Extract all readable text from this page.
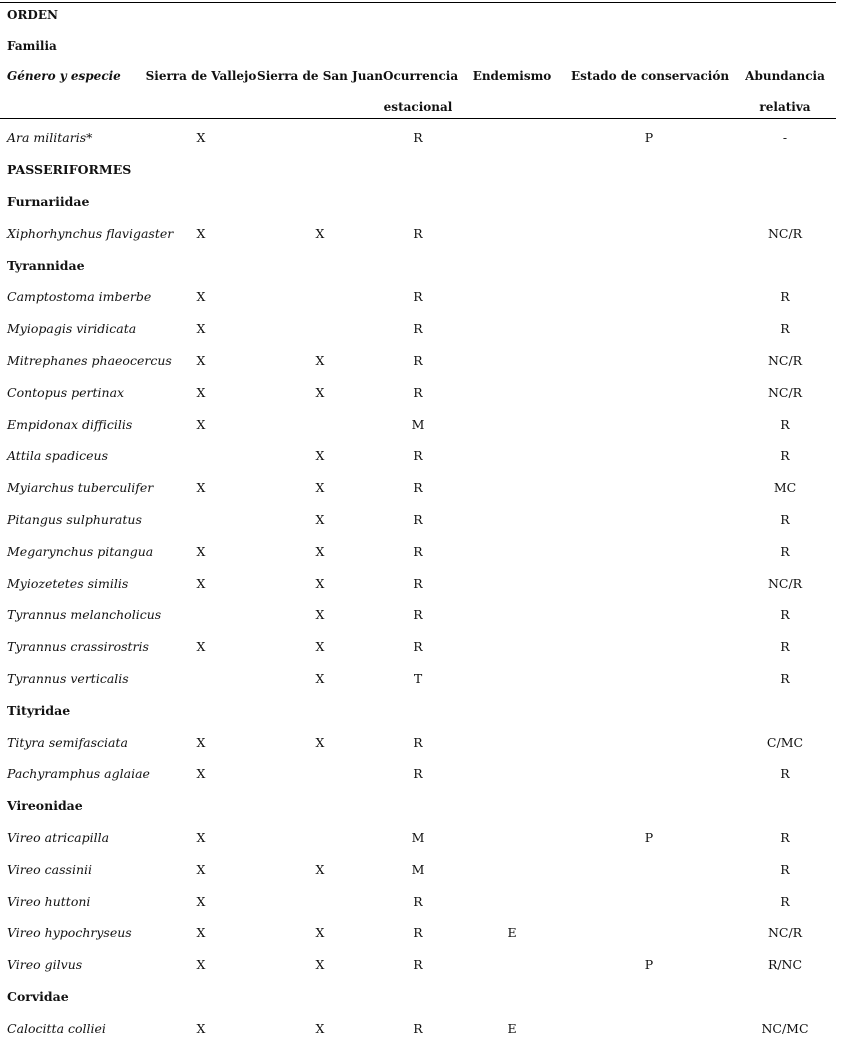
ORDEN						
Familia						
Género y especie	Sierra de Vallejo	Sierra de San Juan	Ocurrencia	Endemismo	Estado de conservación	Abundancia
			estacional			relativa
Ara militaris*	X		R		P	-
PASSERIFORMES						
Furnariidae						
Xiphorhynchus flavigaster	X	X	R			NC/R
Tyrannidae						
Camptostoma imberbe	X		R			R
Myiopagis viridicata	X		R			R
Mitrephanes phaeocercus	X	X	R			NC/R
Contopus pertinax	X	X	R			NC/R
Empidonax difficilis	X		M			R
Attila spadiceus		X	R			R
Myiarchus tuberculifer	X	X	R			MC
Pitangus sulphuratus		X	R			R
Megarynchus pitangua	X	X	R			R
Myiozetetes similis	X	X	R			NC/R
Tyrannus melancholicus		X	R			R
Tyrannus crassirostris	X	X	R			R
Tyrannus verticalis		X	T			R
Tityridae						
Tityra semifasciata	X	X	R			C/MC
Pachyramphus aglaiae	X		R			R
Vireonidae						
Vireo atricapilla	X		M		P	R
Vireo cassinii	X	X	M			R
Vireo huttoni	X		R			R
Vireo hypochryseus	X	X	R	E		NC/R
Vireo gilvus	X	X	R		P	R/NC
Corvidae						
Calocitta colliei	X	X	R	E		NC/MC
